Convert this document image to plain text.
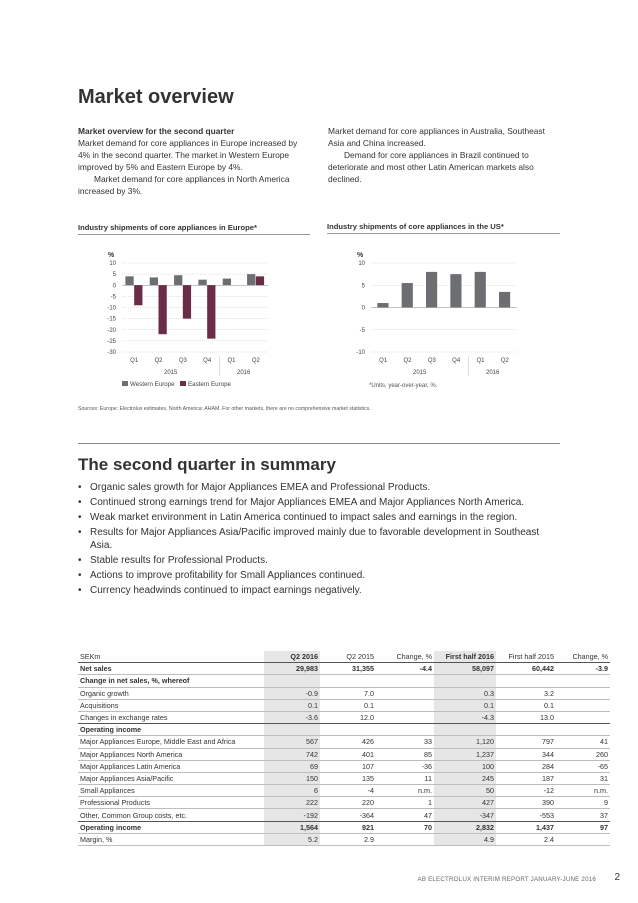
Market overview

Market overview for the second quarter

Market demand for core appliances in Europe increased by 4% in the second quarter. The market in Western Europe improved by 5% and Eastern Europe by 4%.

Market demand for core appliances in North America increased by 3%.

Market demand for core appliances in Australia, Southeast Asia and China increased.

Demand for core appliances in Brazil continued to deteriorate and most other Latin American markets also declined.

Industry shipments of core appliances in Europe*	Industry shipments of core appliances in the US*
10
5
0
-5
-10
-15
-20
-25
-30
%
Q1	Q2	Q3	Q4	Q1	Q2
2015	2016
Western Europe Eastern Europe
10
5
0
-5
-10
%
Q1	Q2	Q3	Q4	Q1	Q2
2015	2016
*Units, year-over-year, %.
Sources: Europe: Electrolux estimates, North America: AHAM. For other markets, there are no comprehensive market statistics.
The second quarter in summary
• Organic sales growth for Major Appliances EMEA and Professional Products.
• Continued strong earnings trend for Major Appliances EMEA and Major Appliances North America.
• Weak market environment in Latin America continued to impact sales and earnings in the region.
• Results for Major Appliances Asia/Pacific improved mainly due to favorable development in Southeast Asia.
• Stable results for Professional Products.
• Actions to improve profitability for Small Appliances continued.
• Currency headwinds continued to impact earnings negatively.
SEKm	Q2 2016	Q2 2015	Change, %	First half 2016	First half 2015	Change, %
Net sales	29,983	31,355	-4.4	58,097	60,442	-3.9
Change in net sales, %, whereof						
Organic growth	-0.9	7.0		0.3	3.2	
Acquisitions	0.1	0.1		0.1	0.1	
Changes in exchange rates	-3.6	12.0		-4.3	13.0	
Operating income						
Major Appliances Europe, Middle East and Africa	567	426	33	1,120	797	41
Major Appliances North America	742	401	85	1,237	344	260
Major Appliances Latin America	69	107	-36	100	284	-65
Major Appliances Asia/Pacific	150	135	11	245	187	31
Small Appliances	6	-4	n.m.	50	-12	n.m.
Professional Products	222	220	1	427	390	9
Other, Common Group costs, etc.	-192	-364	47	-347	-553	37
Operating income	1,564	921	70	2,832	1,437	97
Margin, %	5.2	2.9		4.9	2.4	
AB ELECTROLUX INTERIM REPORT JANUARY-JUNE 2016 2
